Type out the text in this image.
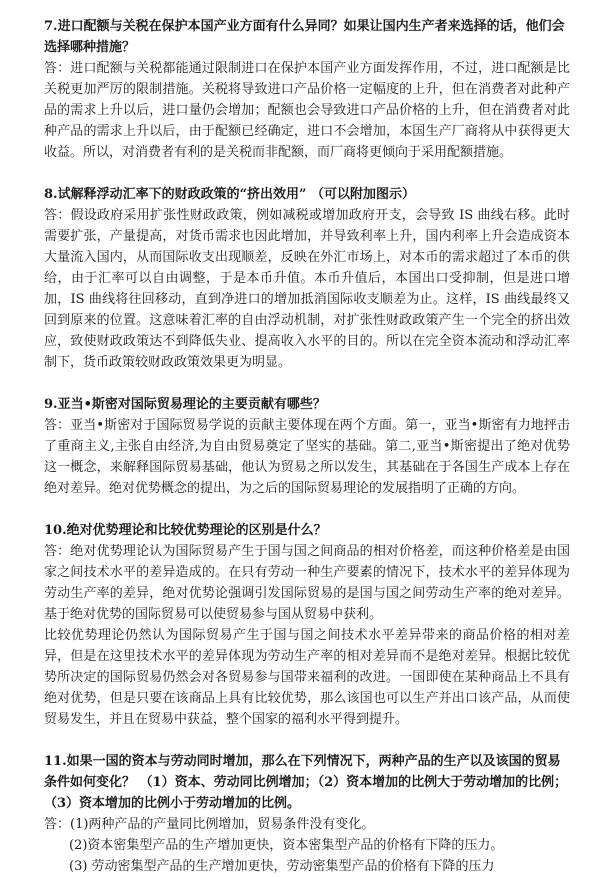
7.进口配额与关税在保护本国产业方面有什么异同？如果让国内生产者来选择的话，他们会选择哪种措施？

答：进口配额与关税都能通过限制进口在保护本国产业方面发挥作用，不过，进口配额是比关税更加严厉的限制措施。关税将导致进口产品价格一定幅度的上升，但在消费者对此种产品的需求上升以后，进口量仍会增加；配额也会导致进口产品价格的上升，但在消费者对此种产品的需求上升以后，由于配额已经确定，进口不会增加，本国生产厂商将从中获得更大收益。所以，对消费者有利的是关税而非配额，而厂商将更倾向于采用配额措施。

8.试解释浮动汇率下的财政政策的“挤出效用” （可以附加图示）

答：假设政府采用扩张性财政政策，例如减税或增加政府开支，会导致 IS 曲线右移。此时需要扩张，产量提高，对货币需求也因此增加，并导致利率上升，国内利率上升会造成资本大量流入国内，从而国际收支出现顺差，反映在外汇市场上，对本币的需求超过了本币的供给，由于汇率可以自由调整，于是本币升值。本币升值后，本国出口受抑制，但是进口增加，IS 曲线将往回移动，直到净进口的增加抵消国际收支顺差为止。这样，IS 曲线最终又回到原来的位置。这意味着汇率的自由浮动机制，对扩张性财政政策产生一个完全的挤出效应，致使财政政策达不到降低失业、提高收入水平的目的。所以在完全资本流动和浮动汇率制下，货币政策较财政政策效果更为明显。

9.亚当•斯密对国际贸易理论的主要贡献有哪些？

答：亚当•斯密对于国际贸易学说的贡献主要体现在两个方面。第一，亚当•斯密有力地抨击了重商主义,主张自由经济,为自由贸易奠定了坚实的基础。第二,亚当•斯密提出了绝对优势这一概念，来解释国际贸易基础，他认为贸易之所以发生，其基础在于各国生产成本上存在绝对差异。绝对优势概念的提出，为之后的国际贸易理论的发展指明了正确的方向。

10.绝对优势理论和比较优势理论的区别是什么？

答：绝对优势理论认为国际贸易产生于国与国之间商品的相对价格差，而这种价格差是由国家之间技术水平的差异造成的。在只有劳动一种生产要素的情况下，技术水平的差异体现为劳动生产率的差异，绝对优势论强调引发国际贸易的是国与国之间劳动生产率的绝对差异。基于绝对优势的国际贸易可以使贸易参与国从贸易中获利。

比较优势理论仍然认为国际贸易产生于国与国之间技术水平差异带来的商品价格的相对差异，但是在这里技术水平的差异体现为劳动生产率的相对差异而不是绝对差异。根据比较优势所决定的国际贸易仍然会对各贸易参与国带来福利的改进。一国即使在某种商品上不具有绝对优势，但是只要在该商品上具有比较优势，那么该国也可以生产并出口该产品，从而使贸易发生，并且在贸易中获益，整个国家的福利水平得到提升。

11.如果一国的资本与劳动同时增加，那么在下列情况下，两种产品的生产以及该国的贸易条件如何变化？ （1）资本、劳动同比例增加；（2）资本增加的比例大于劳动增加的比例；（3）资本增加的比例小于劳动增加的比例。

答：(1)两种产品的产量同比例增加，贸易条件没有变化。

(2)资本密集型产品的生产增加更快，资本密集型产品的价格有下降的压力。

(3) 劳动密集型产品的生产增加更快，劳动密集型产品的价格有下降的压力
